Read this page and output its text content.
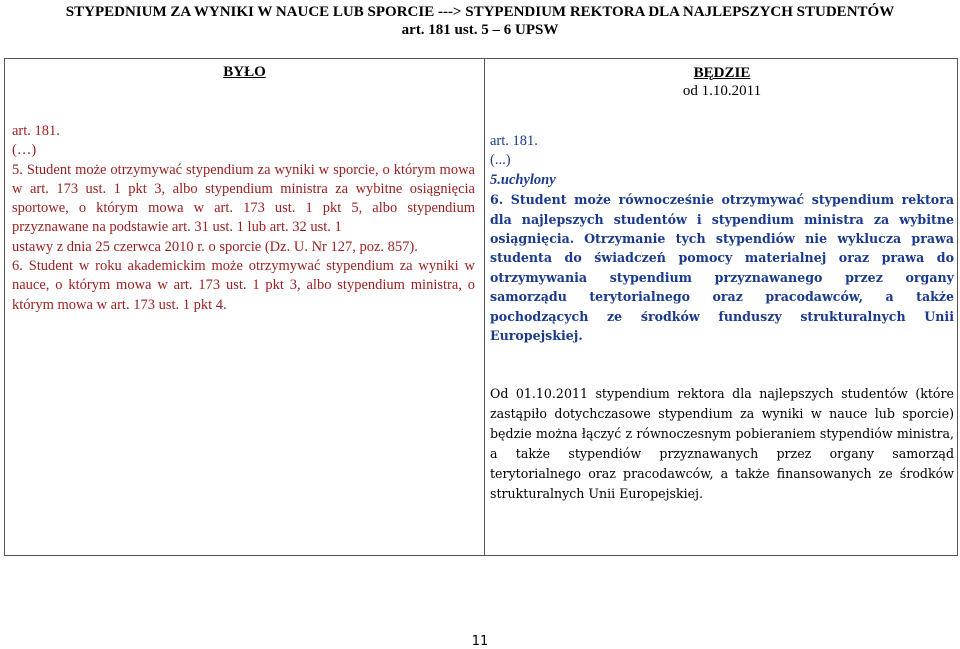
STYPEDNIUM ZA WYNIKI W NAUCE LUB SPORCIE ---> STYPENDIUM REKTORA DLA NAJLEPSZYCH STUDENTÓW
art. 181 ust. 5 – 6 UPSW
BYŁO	BĘDZIE
od 1.10.2011
art. 181.
(…)
5. Student może otrzymywać stypendium za wyniki w sporcie, o którym mowa w art. 173 ust. 1 pkt 3, albo stypendium ministra za wybitne osiągnięcia sportowe, o którym mowa w art. 173 ust. 1 pkt 5, albo stypendium przyznawane na podstawie art. 31 ust. 1 lub art. 32 ust. 1
ustawy z dnia 25 czerwca 2010 r. o sporcie (Dz. U. Nr 127, poz. 857).
6. Student w roku akademickim może otrzymywać stypendium za wyniki w nauce, o którym mowa w art. 173 ust. 1 pkt 3, albo stypendium ministra, o którym mowa w art. 173 ust. 1 pkt 4.
art. 181.
(...)
5.uchylony
6. Student może równocześnie otrzymywać stypendium rektora dla najlepszych studentów i stypendium ministra za wybitne osiągnięcia. Otrzymanie tych stypendiów nie wyklucza prawa studenta do świadczeń pomocy materialnej oraz prawa do otrzymywania stypendium przyznawanego przez organy samorządu terytorialnego oraz pracodawców, a także pochodzących ze środków funduszy strukturalnych Unii Europejskiej.
Od 01.10.2011 stypendium rektora dla najlepszych studentów (które zastąpiło dotychczasowe stypendium za wyniki w nauce lub sporcie) będzie można łączyć z równoczesnym pobieraniem stypendiów ministra, a także stypendiów przyznawanych przez organy samorząd terytorialnego oraz pracodawców, a także finansowanych ze środków strukturalnych Unii Europejskiej.
11
